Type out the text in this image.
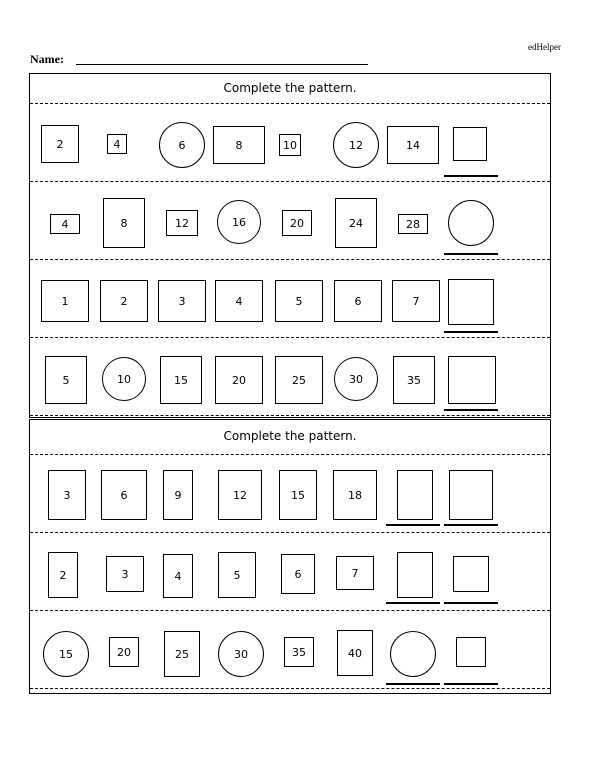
edHelper
Name:
Complete the pattern.
2	4	6	8	10	12	14
4	8	12	16	20	24	28
1	2	3	4	5	6	7
5	10	15	20	25	30	35
Complete the pattern.
3	6	9	12	15	18
2	3	4	5	6	7
15	20	25	30	35	40
